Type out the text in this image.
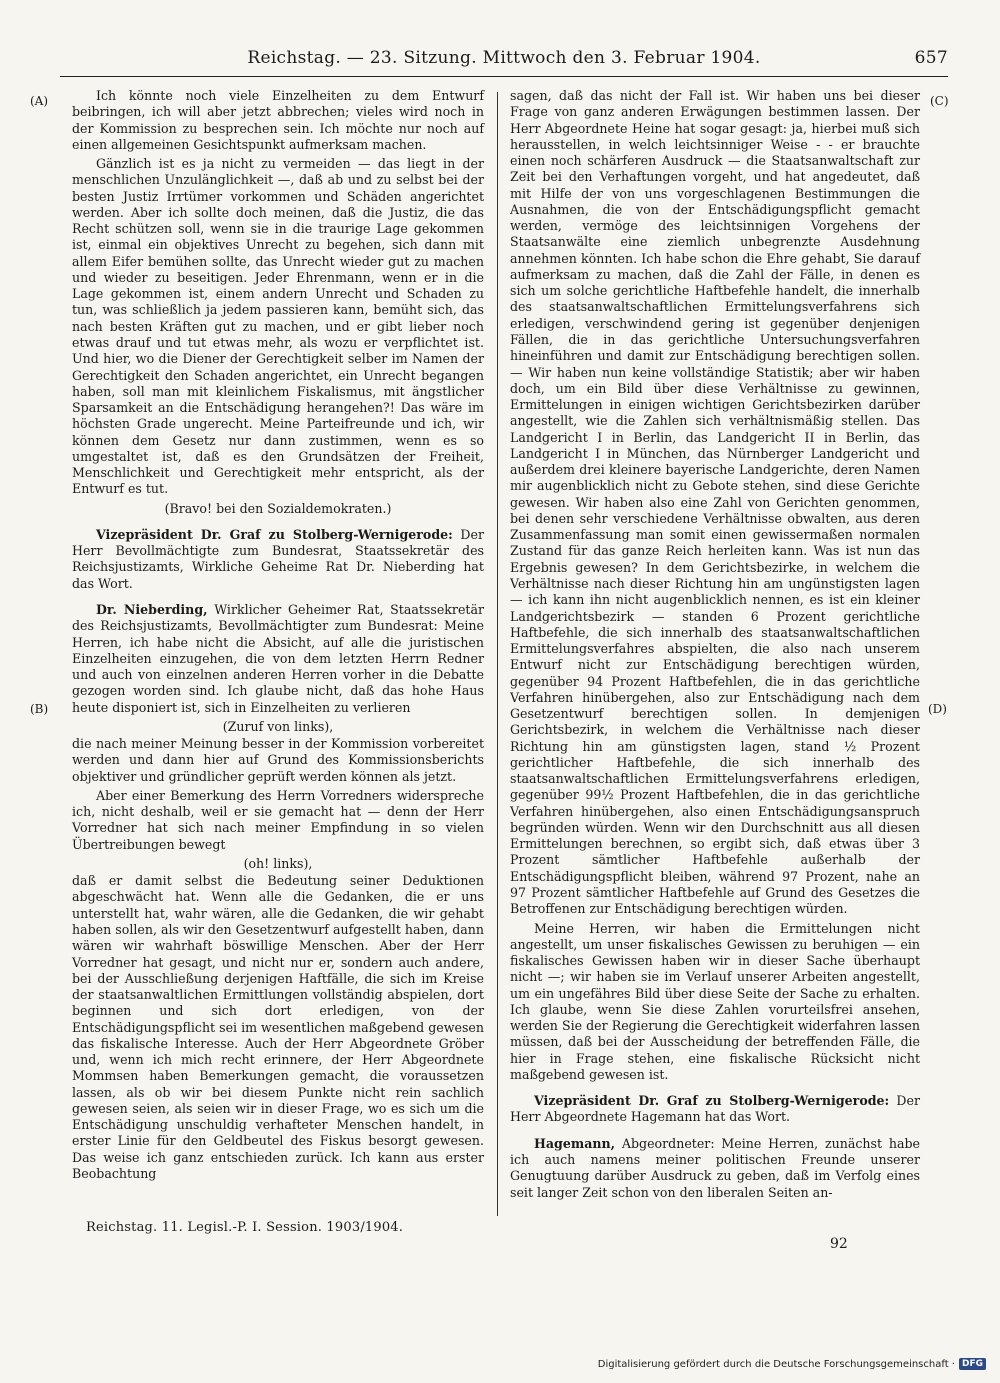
Reichstag. — 23. Sitzung. Mittwoch den 3. Februar 1904.	657
(A)
(B)
(C)
(D)

Ich könnte noch viele Einzelheiten zu dem Entwurf beibringen, ich will aber jetzt abbrechen; vieles wird noch in der Kommission zu besprechen sein. Ich möchte nur noch auf einen allgemeinen Gesichtspunkt aufmerksam machen.

Gänzlich ist es ja nicht zu vermeiden — das liegt in der menschlichen Unzulänglichkeit —, daß ab und zu selbst bei der besten Justiz Irrtümer vorkommen und Schäden angerichtet werden. Aber ich sollte doch meinen, daß die Justiz, die das Recht schützen soll, wenn sie in die traurige Lage gekommen ist, einmal ein objektives Unrecht zu begehen, sich dann mit allem Eifer bemühen sollte, das Unrecht wieder gut zu machen und wieder zu beseitigen. Jeder Ehrenmann, wenn er in die Lage gekommen ist, einem andern Unrecht und Schaden zu tun, was schließlich ja jedem passieren kann, bemüht sich, das nach besten Kräften gut zu machen, und er gibt lieber noch etwas drauf und tut etwas mehr, als wozu er verpflichtet ist. Und hier, wo die Diener der Gerechtigkeit selber im Namen der Gerechtigkeit den Schaden angerichtet, ein Unrecht begangen haben, soll man mit kleinlichem Fiskalismus, mit ängstlicher Sparsamkeit an die Entschädigung herangehen?! Das wäre im höchsten Grade ungerecht. Meine Parteifreunde und ich, wir können dem Gesetz nur dann zustimmen, wenn es so umgestaltet ist, daß es den Grundsätzen der Freiheit, Menschlichkeit und Gerechtigkeit mehr entspricht, als der Entwurf es tut.

(Bravo! bei den Sozialdemokraten.)

Vizepräsident Dr. Graf zu Stolberg-Wernigerode: Der Herr Bevollmächtigte zum Bundesrat, Staatssekretär des Reichsjustizamts, Wirkliche Geheime Rat Dr. Nieberding hat das Wort.

Dr. Nieberding, Wirklicher Geheimer Rat, Staatssekretär des Reichsjustizamts, Bevollmächtigter zum Bundesrat: Meine Herren, ich habe nicht die Absicht, auf alle die juristischen Einzelheiten einzugehen, die von dem letzten Herrn Redner und auch von einzelnen anderen Herren vorher in die Debatte gezogen worden sind. Ich glaube nicht, daß das hohe Haus heute disponiert ist, sich in Einzelheiten zu verlieren

(Zuruf von links),

die nach meiner Meinung besser in der Kommission vorbereitet werden und dann hier auf Grund des Kommissionsberichts objektiver und gründlicher geprüft werden können als jetzt.

Aber einer Bemerkung des Herrn Vorredners widerspreche ich, nicht deshalb, weil er sie gemacht hat — denn der Herr Vorredner hat sich nach meiner Empfindung in so vielen Übertreibungen bewegt

(oh! links),

daß er damit selbst die Bedeutung seiner Deduktionen abgeschwächt hat. Wenn alle die Gedanken, die er uns unterstellt hat, wahr wären, alle die Gedanken, die wir gehabt haben sollen, als wir den Gesetzentwurf aufgestellt haben, dann wären wir wahrhaft böswillige Menschen. Aber der Herr Vorredner hat gesagt, und nicht nur er, sondern auch andere, bei der Ausschließung derjenigen Haftfälle, die sich im Kreise der staatsanwaltlichen Ermittlungen vollständig abspielen, dort beginnen und sich dort erledigen, von der Entschädigungspflicht sei im wesentlichen maßgebend gewesen das fiskalische Interesse. Auch der Herr Abgeordnete Gröber und, wenn ich mich recht erinnere, der Herr Abgeordnete Mommsen haben Bemerkungen gemacht, die voraussetzen lassen, als ob wir bei diesem Punkte nicht rein sachlich gewesen seien, als seien wir in dieser Frage, wo es sich um die Entschädigung unschuldig verhafteter Menschen handelt, in erster Linie für den Geldbeutel des Fiskus besorgt gewesen. Das weise ich ganz entschieden zurück. Ich kann aus erster Beobachtung

sagen, daß das nicht der Fall ist. Wir haben uns bei dieser Frage von ganz anderen Erwägungen bestimmen lassen. Der Herr Abgeordnete Heine hat sogar gesagt: ja, hierbei muß sich herausstellen, in welch leichtsinniger Weise - - er brauchte einen noch schärferen Ausdruck — die Staatsanwaltschaft zur Zeit bei den Verhaftungen vorgeht, und hat angedeutet, daß mit Hilfe der von uns vorgeschlagenen Bestimmungen die Ausnahmen, die von der Entschädigungspflicht gemacht werden, vermöge des leichtsinnigen Vorgehens der Staatsanwälte eine ziemlich unbegrenzte Ausdehnung annehmen könnten. Ich habe schon die Ehre gehabt, Sie darauf aufmerksam zu machen, daß die Zahl der Fälle, in denen es sich um solche gerichtliche Haftbefehle handelt, die innerhalb des staatsanwaltschaftlichen Ermittelungsverfahrens sich erledigen, verschwindend gering ist gegenüber denjenigen Fällen, die in das gerichtliche Untersuchungsverfahren hineinführen und damit zur Entschädigung berechtigen sollen. — Wir haben nun keine vollständige Statistik; aber wir haben doch, um ein Bild über diese Verhältnisse zu gewinnen, Ermittelungen in einigen wichtigen Gerichtsbezirken darüber angestellt, wie die Zahlen sich verhältnismäßig stellen. Das Landgericht I in Berlin, das Landgericht II in Berlin, das Landgericht I in München, das Nürnberger Landgericht und außerdem drei kleinere bayerische Landgerichte, deren Namen mir augenblicklich nicht zu Gebote stehen, sind diese Gerichte gewesen. Wir haben also eine Zahl von Gerichten genommen, bei denen sehr verschiedene Verhältnisse obwalten, aus deren Zusammenfassung man somit einen gewissermaßen normalen Zustand für das ganze Reich herleiten kann. Was ist nun das Ergebnis gewesen? In dem Gerichtsbezirke, in welchem die Verhältnisse nach dieser Richtung hin am ungünstigsten lagen — ich kann ihn nicht augenblicklich nennen, es ist ein kleiner Landgerichtsbezirk — standen 6 Prozent gerichtliche Haftbefehle, die sich innerhalb des staatsanwaltschaftlichen Ermittelungsverfahres abspielten, die also nach unserem Entwurf nicht zur Entschädigung berechtigen würden, gegenüber 94 Prozent Haftbefehlen, die in das gerichtliche Verfahren hinübergehen, also zur Entschädigung nach dem Gesetzentwurf berechtigen sollen. In demjenigen Gerichtsbezirk, in welchem die Verhältnisse nach dieser Richtung hin am günstigsten lagen, stand ½ Prozent gerichtlicher Haftbefehle, die sich innerhalb des staatsanwaltschaftlichen Ermittelungsverfahrens erledigen, gegenüber 99½ Prozent Haftbefehlen, die in das gerichtliche Verfahren hinübergehen, also einen Entschädigungsanspruch begründen würden. Wenn wir den Durchschnitt aus all diesen Ermittelungen berechnen, so ergibt sich, daß etwas über 3 Prozent sämtlicher Haftbefehle außerhalb der Entschädigungspflicht bleiben, während 97 Prozent, nahe an 97 Prozent sämtlicher Haftbefehle auf Grund des Gesetzes die Betroffenen zur Entschädigung berechtigen würden.

Meine Herren, wir haben die Ermittelungen nicht angestellt, um unser fiskalisches Gewissen zu beruhigen — ein fiskalisches Gewissen haben wir in dieser Sache überhaupt nicht —; wir haben sie im Verlauf unserer Arbeiten angestellt, um ein ungefähres Bild über diese Seite der Sache zu erhalten. Ich glaube, wenn Sie diese Zahlen vorurteilsfrei ansehen, werden Sie der Regierung die Gerechtigkeit widerfahren lassen müssen, daß bei der Ausscheidung der betreffenden Fälle, die hier in Frage stehen, eine fiskalische Rücksicht nicht maßgebend gewesen ist.

Vizepräsident Dr. Graf zu Stolberg-Wernigerode: Der Herr Abgeordnete Hagemann hat das Wort.

Hagemann, Abgeordneter: Meine Herren, zunächst habe ich auch namens meiner politischen Freunde unserer Genugtuung darüber Ausdruck zu geben, daß im Verfolg eines seit langer Zeit schon von den liberalen Seiten an-

Reichstag. 11. Legisl.-P. I. Session. 1903/1904.
92
Digitalisierung gefördert durch die Deutsche Forschungsgemeinschaft · DFG
